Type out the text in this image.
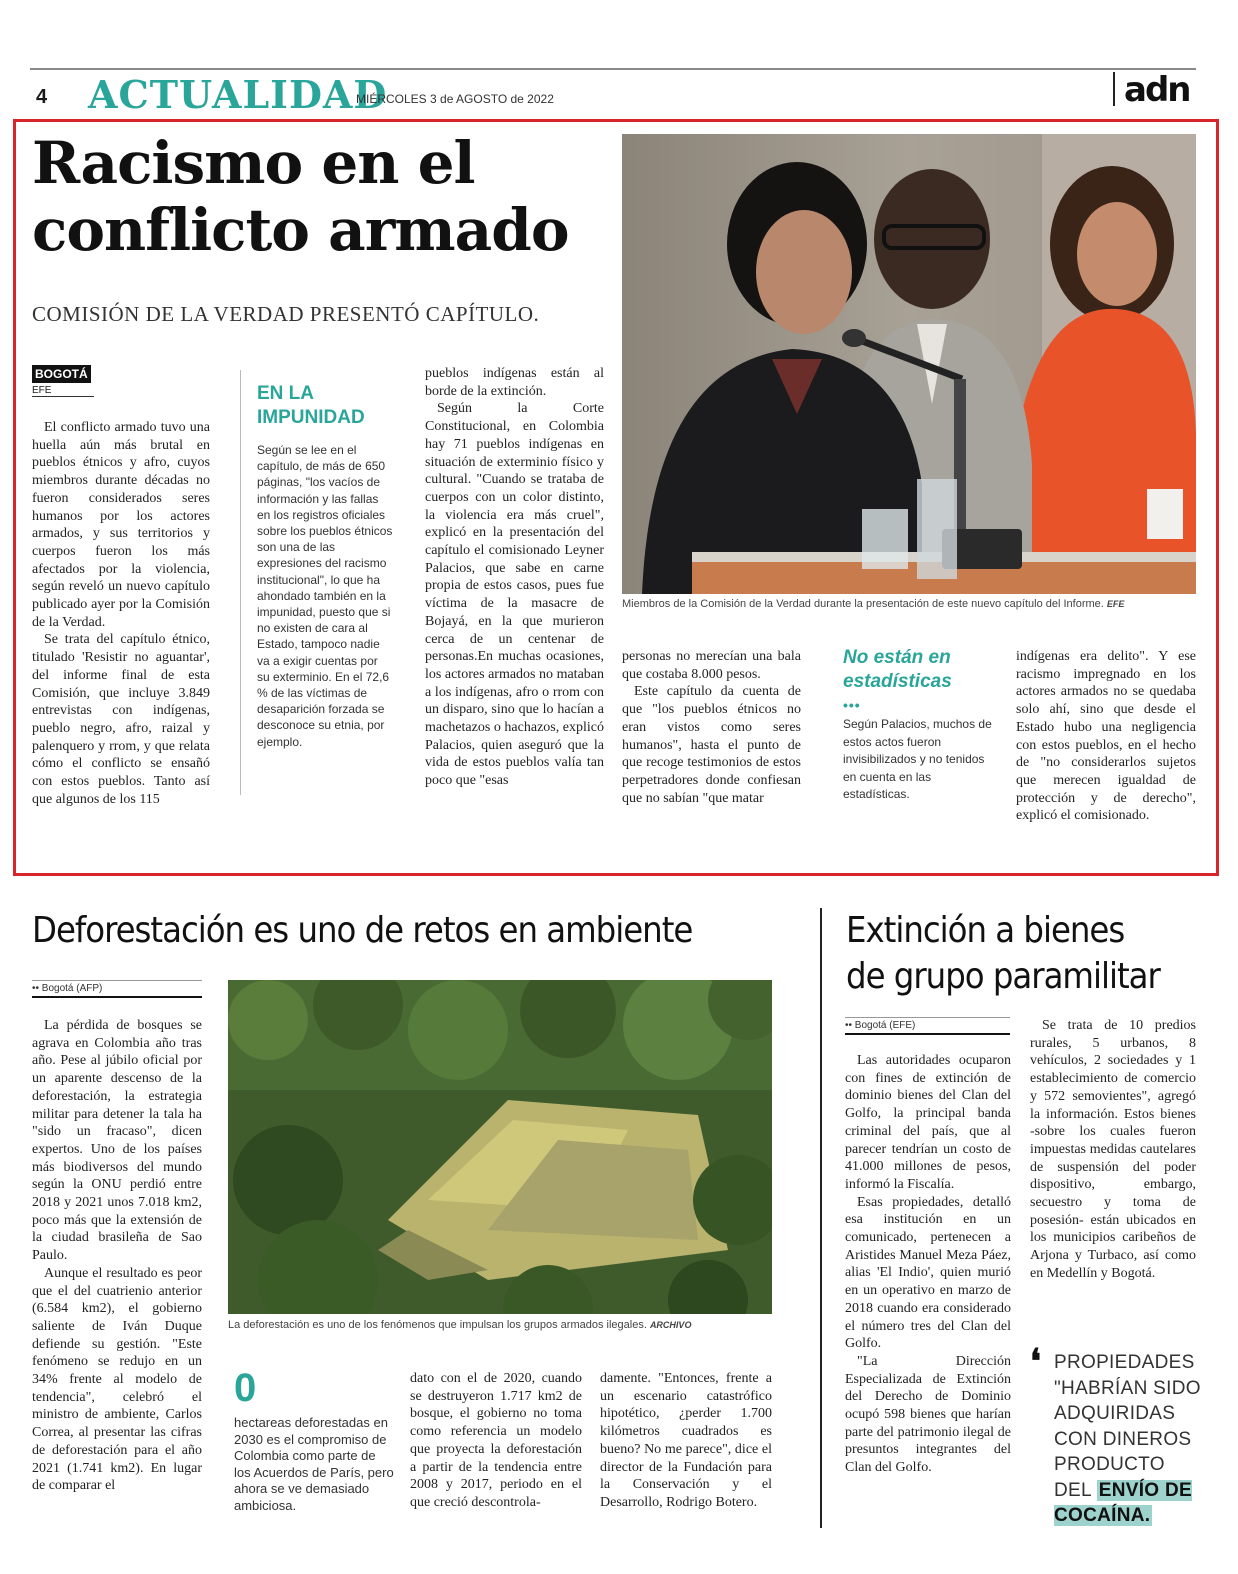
4 ACTUALIDAD
MIÉRCOLES 3 de AGOSTO de 2022	adn
Racismo en el
conflicto armado
COMISIÓN DE LA VERDAD PRESENTÓ CAPÍTULO.
Miembros de la Comisión de la Verdad durante la presentación de este nuevo capítulo del Informe. EFE
BOGOTÁ
EFE

El conflicto armado tuvo una huella aún más brutal en pueblos étnicos y afro, cuyos miembros durante décadas no fueron considerados seres humanos por los actores armados, y sus territorios y cuerpos fueron los más afectados por la violencia, según reveló un nuevo capítulo publicado ayer por la Comisión de la Verdad.

Se trata del capítulo étnico, titulado 'Resistir no aguantar', del informe final de esta Comisión, que incluye 3.849 entrevistas con indígenas, pueblo negro, afro, raizal y palenquero y rrom, y que relata cómo el conflicto se ensañó con estos pueblos. Tanto así que algunos de los 115

EN LA
IMPUNIDAD
Según se lee en el capítulo, de más de 650 páginas, "los vacíos de información y las fallas en los registros oficiales sobre los pueblos étnicos son una de las expresiones del racismo institucional", lo que ha ahondado también en la impunidad, puesto que si no existen de cara al Estado, tampoco nadie va a exigir cuentas por su exterminio. En el 72,6 % de las víctimas de desaparición forzada se desconoce su etnia, por ejemplo.

pueblos indígenas están al borde de la extinción.

Según la Corte Constitucional, en Colombia hay 71 pueblos indígenas en situación de exterminio físico y cultural. "Cuando se trataba de cuerpos con un color distinto, la violencia era más cruel", explicó en la presentación del capítulo el comisionado Leyner Palacios, que sabe en carne propia de estos casos, pues fue víctima de la masacre de Bojayá, en la que murieron cerca de un centenar de personas.En muchas ocasiones, los actores armados no mataban a los indígenas, afro o rrom con un disparo, sino que lo hacían a machetazos o hachazos, explicó Palacios, quien aseguró que la vida de estos pueblos valía tan poco que "esas

personas no merecían una bala que costaba 8.000 pesos.

Este capítulo da cuenta de que "los pueblos étnicos no eran vistos como seres humanos", hasta el punto de que recoge testimonios de estos perpetradores donde confiesan que no sabían "que matar

No están en
estadísticas
•••
Según Palacios, muchos de estos actos fueron invisibilizados y no tenidos en cuenta en las estadísticas.

indígenas era delito". Y ese racismo impregnado en los actores armados no se quedaba solo ahí, sino que desde el Estado hubo una negligencia con estos pueblos, en el hecho de "no considerarlos sujetos que merecen igualdad de protección y de derecho", explicó el comisionado.

Deforestación es uno de retos en ambiente
•• Bogotá (AFP)

La pérdida de bosques se agrava en Colombia año tras año. Pese al júbilo oficial por un aparente descenso de la deforestación, la estrategia militar para detener la tala ha "sido un fracaso", dicen expertos. Uno de los países más biodiversos del mundo según la ONU perdió entre 2018 y 2021 unos 7.018 km2, poco más que la extensión de la ciudad brasileña de Sao Paulo.

Aunque el resultado es peor que el del cuatrienio anterior (6.584 km2), el gobierno saliente de Iván Duque defiende su gestión. "Este fenómeno se redujo en un 34% frente al modelo de tendencia", celebró el ministro de ambiente, Carlos Correa, al presentar las cifras de deforestación para el año 2021 (1.741 km2). En lugar de comparar el

La deforestación es uno de los fenómenos que impulsan los grupos armados ilegales. ARCHIVO
0
hectareas deforestadas en 2030 es el compromiso de Colombia como parte de los Acuerdos de París, pero ahora se ve demasiado ambiciosa.

dato con el de 2020, cuando se destruyeron 1.717 km2 de bosque, el gobierno no toma como referencia un modelo que proyecta la deforestación a partir de la tendencia entre 2008 y 2017, periodo en el que creció descontrola-

damente. "Entonces, frente a un escenario catastrófico hipotético, ¿perder 1.700 kilómetros cuadrados es bueno? No me parece", dice el director de la Fundación para la Conservación y el Desarrollo, Rodrigo Botero.

Extinción a bienes
de grupo paramilitar
•• Bogotá (EFE)

Las autoridades ocuparon con fines de extinción de dominio bienes del Clan del Golfo, la principal banda criminal del país, que al parecer tendrían un costo de 41.000 millones de pesos, informó la Fiscalía.

Esas propiedades, detalló esa institución en un comunicado, pertenecen a Aristides Manuel Meza Páez, alias 'El Indio', quien murió en un operativo en marzo de 2018 cuando era considerado el número tres del Clan del Golfo.

"La Dirección Especializada de Extinción del Derecho de Dominio ocupó 598 bienes que harían parte del patrimonio ilegal de presuntos integrantes del Clan del Golfo.

Se trata de 10 predios rurales, 5 urbanos, 8 vehículos, 2 sociedades y 1 establecimiento de comercio y 572 semovientes", agregó la información. Estos bienes -sobre los cuales fueron impuestas medidas cautelares de suspensión del poder dispositivo, embargo, secuestro y toma de posesión- están ubicados en los municipios caribeños de Arjona y Turbaco, así como en Medellín y Bogotá.

❛ PROPIEDADES "HABRÍAN SIDO ADQUIRIDAS CON DINEROS PRODUCTO DEL ENVÍO DE COCAÍNA.
